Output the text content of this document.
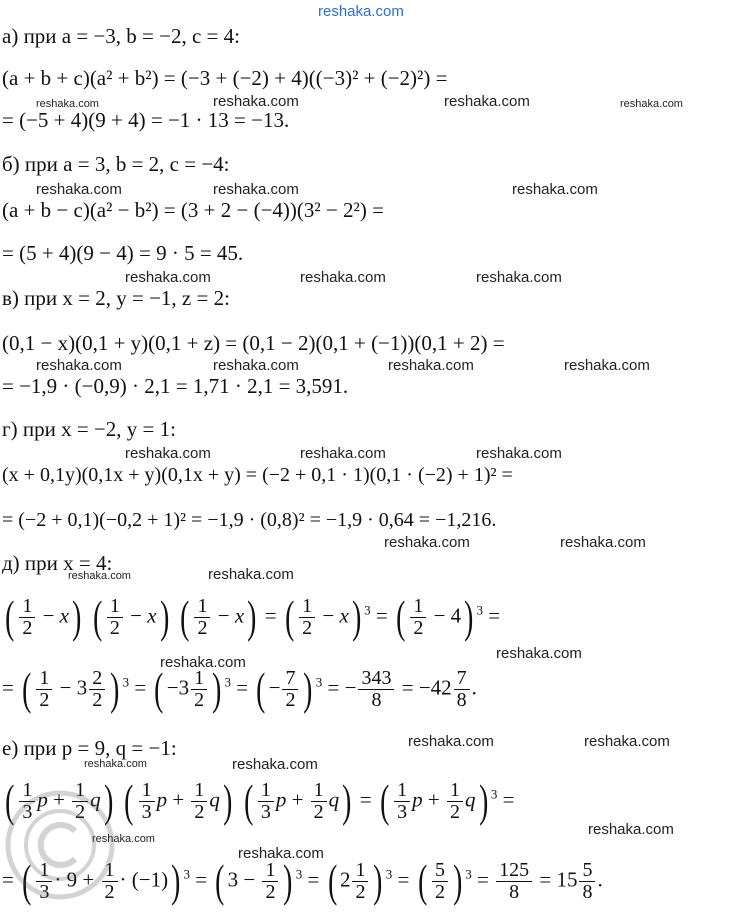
reshaka.com
а) при a = −3, b = −2, c = 4:
(a + b + c)(a² + b²) = (−3 + (−2) + 4)((−3)² + (−2)²) =
= (−5 + 4)(9 + 4) = −1 · 13 = −13.
reshaka.com	reshaka.com	reshaka.com	reshaka.com
б) при a = 3, b = 2, c = −4:
reshaka.com	reshaka.com	reshaka.com
(a + b − c)(a² − b²) = (3 + 2 − (−4))(3² − 2²) =
= (5 + 4)(9 − 4) = 9 · 5 = 45.
reshaka.com	reshaka.com	reshaka.com
в) при x = 2, y = −1, z = 2:
(0,1 − x)(0,1 + y)(0,1 + z) = (0,1 − 2)(0,1 + (−1))(0,1 + 2) =
reshaka.com	reshaka.com	reshaka.com	reshaka.com
= −1,9 · (−0,9) · 2,1 = 1,71 · 2,1 = 3,591.
г) при x = −2, y = 1:
reshaka.com	reshaka.com	reshaka.com
(x + 0,1y)(0,1x + y)(0,1x + y) = (−2 + 0,1 · 1)(0,1 · (−2) + 1)² =
= (−2 + 0,1)(−0,2 + 1)² = −1,9 · (0,8)² = −1,9 · 0,64 = −1,216.
reshaka.com	reshaka.com
д) при x = 4:
reshaka.com	reshaka.com
( $\frac{1}{2} - x$) ( $\frac{1}{2} - x$) ( $\frac{1}{2} - x$) = ( $\frac{1}{2} - x$) $^3$ = ( $\frac{1}{2} - 4$) $^3$ =
reshaka.com
reshaka.com
= ( $\frac{1}{2} - 3 \frac{2}{2}$ ) $^3$ = ( $-3 \frac{1}{2}$ ) $^3$ = ( − $\frac{7}{2}$ ) $^3$ = − $\frac{343}{8} = -42 \frac{7}{8}$ .
е) при p = 9, q = −1:	reshaka.com	reshaka.com
reshaka.com	reshaka.com
( $\frac{1}{3}$ $p + \frac{1}{2} q$) ( $\frac{1}{3}$ $p + \frac{1}{2} q$) ( $\frac{1}{3}$ $p + \frac{1}{2} q$) = ( $\frac{1}{3}$ $p + \frac{1}{2} q$) $^3$ =
reshaka.com
reshaka.com
reshaka.com
= ( $\frac{1}{3} \cdot 9 + \frac{1}{2} \cdot (-1)$) $^3$ = ( $3 - \frac{1}{2}$ ) $^3$ = ( $2 \frac{1}{2}$ ) $^3$ = ( $\frac{5}{2}$ ) $^3 = \frac{125}{8} = 15 \frac{5}{8}$ .
